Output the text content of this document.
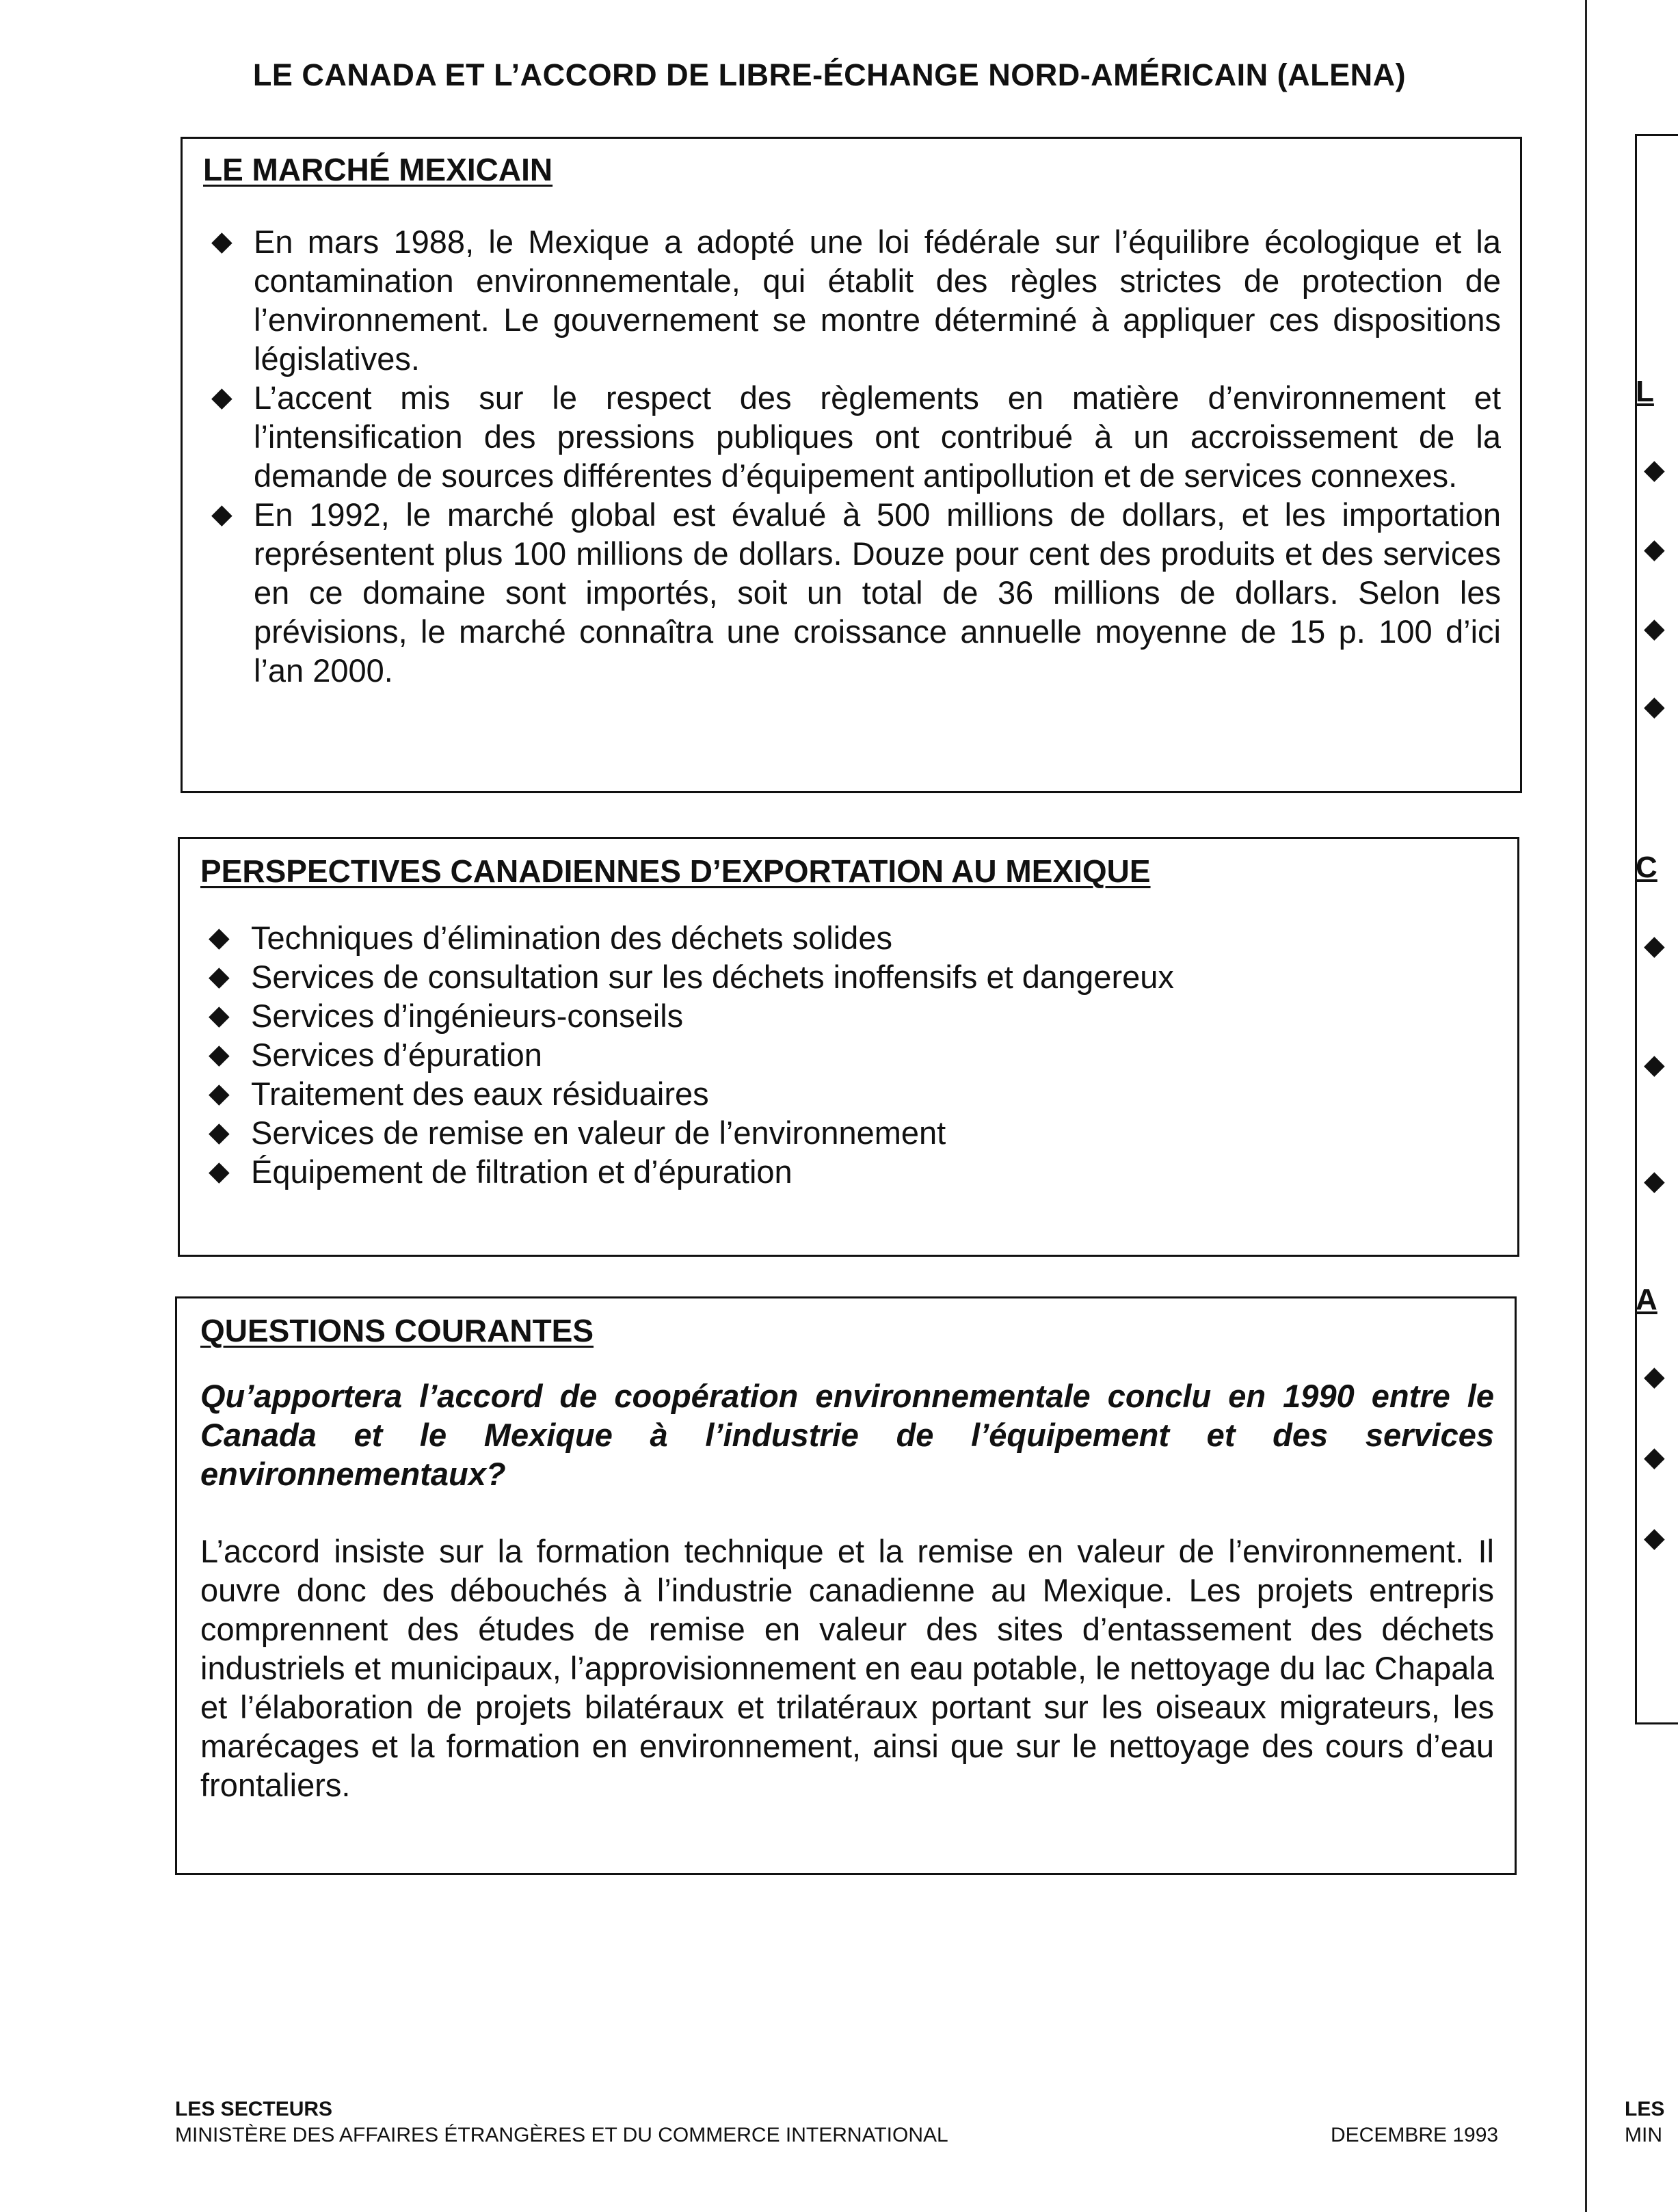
LE CANADA ET L’ACCORD DE LIBRE-ÉCHANGE NORD-AMÉRICAIN (ALENA)
LE MARCHÉ MEXICAIN
◆ En mars 1988, le Mexique a adopté une loi fédérale sur l’équilibre écologique et la contamination environnementale, qui établit des règles strictes de protection de l’environnement. Le gouvernement se montre déterminé à appliquer ces dispositions législatives.
◆ L’accent mis sur le respect des règlements en matière d’environnement et l’intensification des pressions publiques ont contribué à un accroissement de la demande de sources différentes d’équipement antipollution et de services connexes.
◆ En 1992, le marché global est évalué à 500 millions de dollars, et les importation représentent plus 100 millions de dollars. Douze pour cent des produits et des services en ce domaine sont importés, soit un total de 36 millions de dollars. Selon les prévisions, le marché connaîtra une croissance annuelle moyenne de 15 p. 100 d’ici l’an 2000.
PERSPECTIVES CANADIENNES D’EXPORTATION AU MEXIQUE
◆ Techniques d’élimination des déchets solides
◆ Services de consultation sur les déchets inoffensifs et dangereux
◆ Services d’ingénieurs-conseils
◆ Services d’épuration
◆ Traitement des eaux résiduaires
◆ Services de remise en valeur de l’environnement
◆ Équipement de filtration et d’épuration
QUESTIONS COURANTES

Qu’apportera l’accord de coopération environnementale conclu en 1990 entre le Canada et le Mexique à l’industrie de l’équipement et des services environnementaux?

L’accord insiste sur la formation technique et la remise en valeur de l’environnement. Il ouvre donc des débouchés à l’industrie canadienne au Mexique. Les projets entrepris comprennent des études de remise en valeur des sites d’entassement des déchets industriels et municipaux, l’approvisionnement en eau potable, le nettoyage du lac Chapala et l’élaboration de projets bilatéraux et trilatéraux portant sur les oiseaux migrateurs, les marécages et la formation en environnement, ainsi que sur le nettoyage des cours d’eau frontaliers.

LES SECTEURS
MINISTÈRE DES AFFAIRES ÉTRANGÈRES ET DU COMMERCE INTERNATIONAL	DECEMBRE 1993
L
◆
◆
◆
◆
C
◆
◆
◆
A
◆
◆
◆
LES
MIN
